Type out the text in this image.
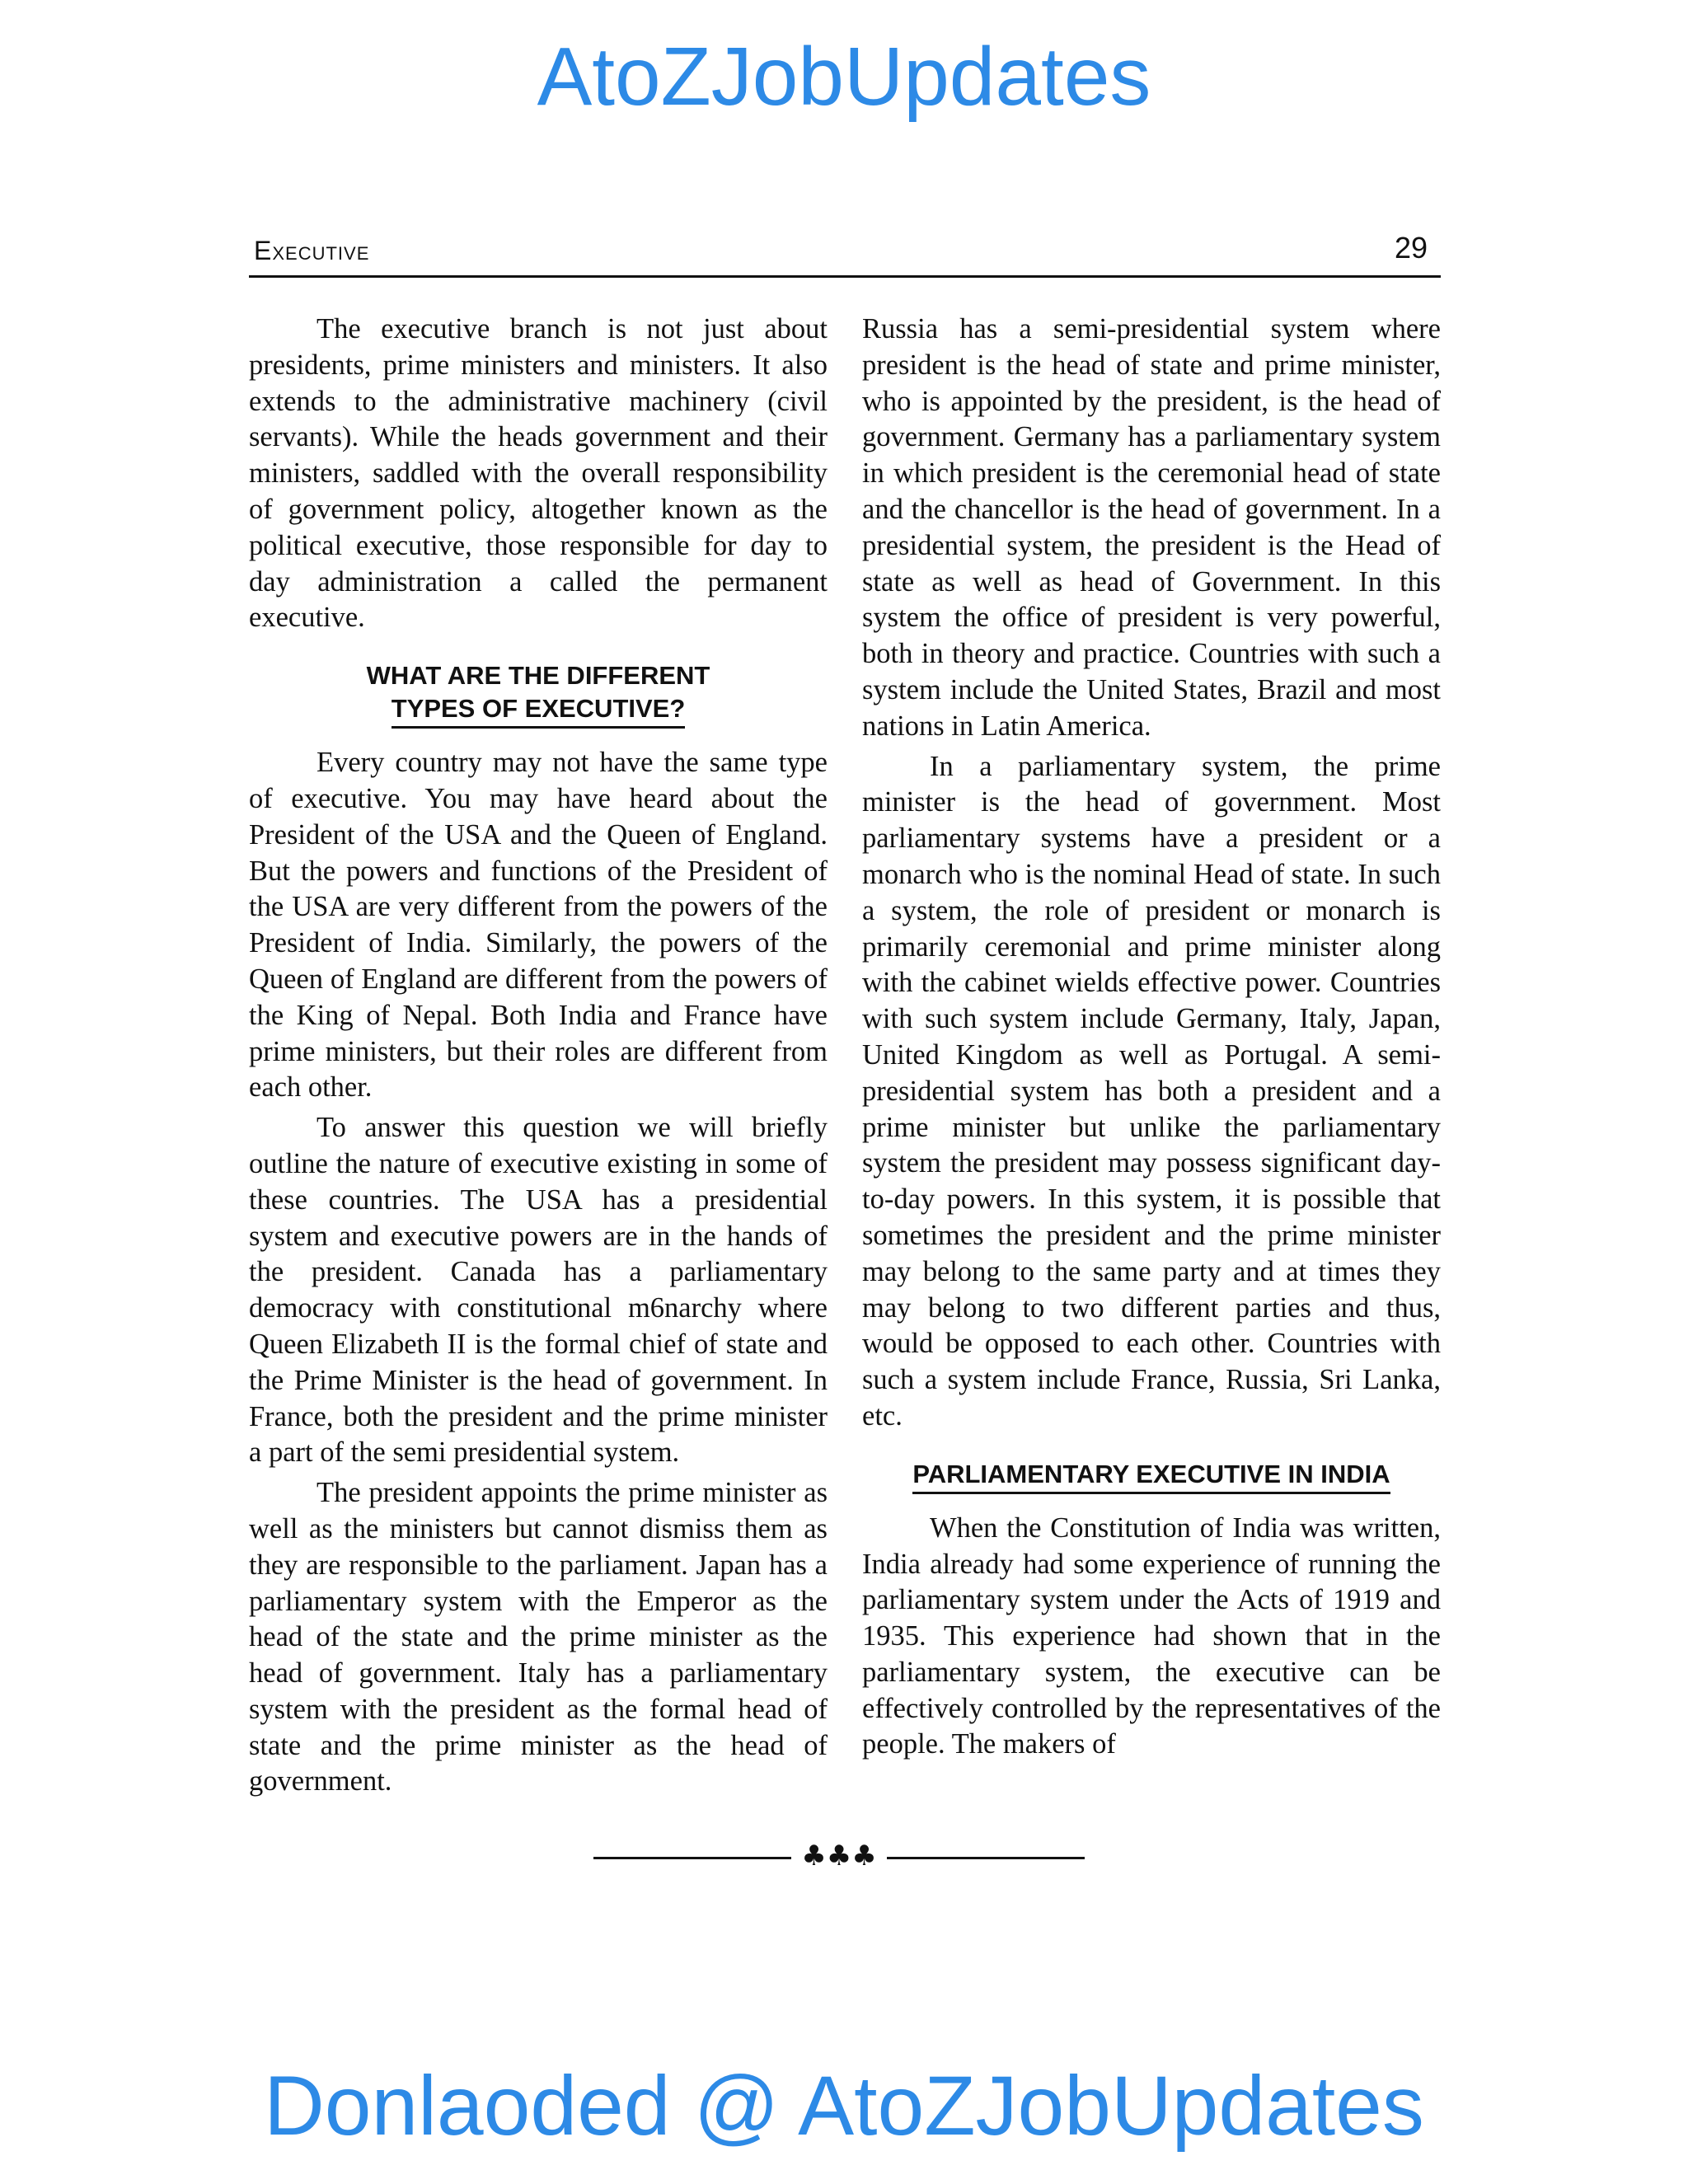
AtoZJobUpdates
Executive	29

The executive branch is not just about presidents, prime ministers and ministers. It also extends to the administrative machinery (civil servants). While the heads government and their ministers, saddled with the overall responsibility of government policy, altogether known as the political executive, those responsible for day to day administration a called the permanent executive.

WHAT ARE THE DIFFERENT
TYPES OF EXECUTIVE?

Every country may not have the same type of executive. You may have heard about the President of the USA and the Queen of England. But the powers and functions of the President of the USA are very different from the powers of the President of India. Similarly, the powers of the Queen of England are different from the powers of the King of Nepal. Both India and France have prime ministers, but their roles are different from each other.

To answer this question we will briefly outline the nature of executive existing in some of these countries. The USA has a presidential system and executive powers are in the hands of the president. Canada has a parliamentary democracy with constitutional m6narchy where Queen Elizabeth II is the formal chief of state and the Prime Minister is the head of government. In France, both the president and the prime minister a part of the semi presidential system.

The president appoints the prime minister as well as the ministers but cannot dismiss them as they are responsible to the parliament. Japan has a parliamentary system with the Emperor as the head of the state and the prime minister as the head of government. Italy has a parliamentary system with the president as the formal head of state and the prime minister as the head of government.

Russia has a semi-presidential system where president is the head of state and prime minister, who is appointed by the president, is the head of government. Germany has a parliamentary system in which president is the ceremonial head of state and the chancellor is the head of government. In a presidential system, the president is the Head of state as well as head of Government. In this system the office of president is very powerful, both in theory and practice. Countries with such a system include the United States, Brazil and most nations in Latin America.

In a parliamentary system, the prime minister is the head of government. Most parliamentary systems have a president or a monarch who is the nominal Head of state. In such a system, the role of president or monarch is primarily ceremonial and prime minister along with the cabinet wields effective power. Countries with such system include Germany, Italy, Japan, United Kingdom as well as Portugal. A semi-presidential system has both a president and a prime minister but unlike the parliamentary system the president may possess significant day-to-day powers. In this system, it is possible that sometimes the president and the prime minister may belong to the same party and at times they may belong to two different parties and thus, would be opposed to each other. Countries with such a system include France, Russia, Sri Lanka, etc.

PARLIAMENTARY EXECUTIVE IN INDIA

When the Constitution of India was written, India already had some experience of running the parliamentary system under the Acts of 1919 and 1935. This experience had shown that in the parliamentary system, the executive can be effectively controlled by the representatives of the people. The makers of

♣♣♣
Donlaoded @ AtoZJobUpdates
